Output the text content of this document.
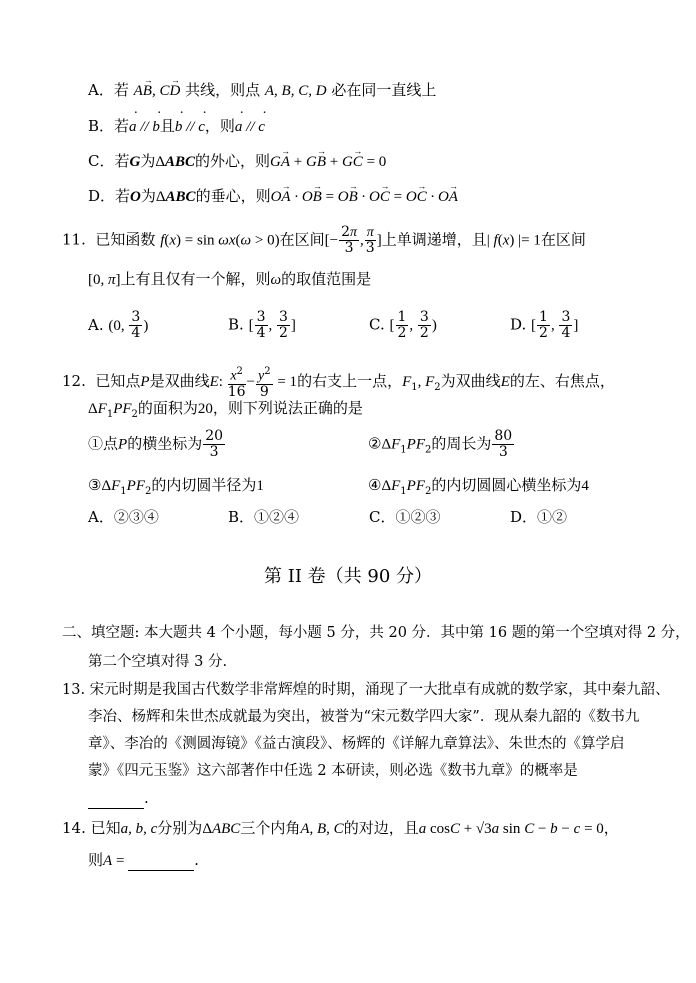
A．若 → AB, → CD 共线，则点 A, B, C, D 必在同一直线上
B．若· a // · b且· b // · c，则· a // · c
C．若G为ΔABC的外心，则→ GA + → GB + → GC = 0
D．若O为ΔABC的垂心，则→ OA · → OB = → OB · → OC = → OC · → OA
11. 已知函数 f(x) = sin ωx(ω > 0)在区间[− $\frac{2\pi}{3}$ , $\frac{\pi}{3}$ ]上单调递增，且| f(x) |= 1在区间
[0, π]上有且仅有一个解，则ω的取值范围是
A. (0, $\frac{3}{4}$ )	B. [ $\frac{3}{4}$ , $\frac{3}{2}$ ]	C. [ $\frac{1}{2}$ , $\frac{3}{2}$ )	D. [ $\frac{1}{2}$ , $\frac{3}{4}$ ]
12. 已知点P是双曲线E: $\frac{x^2}{16} - \frac{y^2}{9} = 1$的右支上一点，$F_1$, $F_2$为双曲线E的左、右焦点，
$\Delta F_1PF_2$的面积为20，则下列说法正确的是
①点P的横坐标为 $\frac{20}{3}$	$②\Delta F_1PF_2$的周长为 $\frac{80}{3}$
$③\Delta F_1PF_2$的内切圆半径为1	$④\Delta F_1PF_2$的内切圆圆心横坐标为4
A．②③④	B．①②④	C．①②③	D．①②
第 II 卷（共 90 分）
二、填空题: 本大题共 4 个小题，每小题 5 分，共 20 分．其中第 16 题的第一个空填对得 2 分，
第二个空填对得 3 分.
13. 宋元时期是我国古代数学非常辉煌的时期，涌现了一大批卓有成就的数学家，其中秦九韶、
李冶、杨辉和朱世杰成就最为突出，被誉为“宋元数学四大家”．现从秦九韶的《数书九
章》、李冶的《测圆海镜》《益古演段》、杨辉的《详解九章算法》、朱世杰的《算学启
蒙》《四元玉鉴》这六部著作中任选 2 本研读，则必选《数书九章》的概率是
.
14. 已知a, b, c分别为ΔABC三个内角A, B, C的对边，且a cosC + √3a sin C − b − c = 0，
则A =	.
